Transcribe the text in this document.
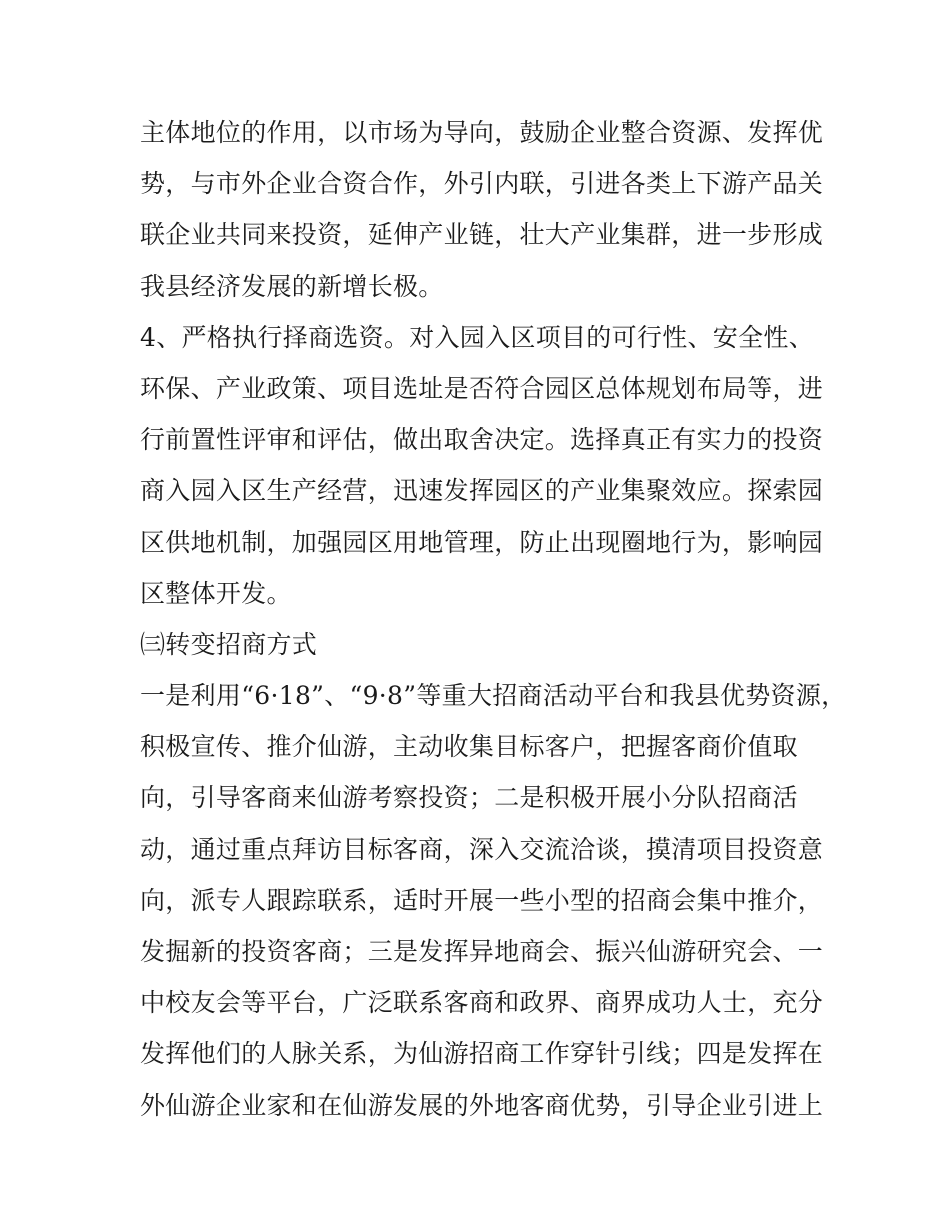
主体地位的作用，以市场为导向，鼓励企业整合资源、发挥优
势，与市外企业合资合作，外引内联，引进各类上下游产品关
联企业共同来投资，延伸产业链，壮大产业集群，进一步形成
我县经济发展的新增长极。
4、严格执行择商选资。对入园入区项目的可行性、安全性、
环保、产业政策、项目选址是否符合园区总体规划布局等，进
行前置性评审和评估，做出取舍决定。选择真正有实力的投资
商入园入区生产经营，迅速发挥园区的产业集聚效应。探索园
区供地机制，加强园区用地管理，防止出现圈地行为，影响园
区整体开发。
㈢转变招商方式
一是利用“6·18”、“9·8”等重大招商活动平台和我县优势资源，
积极宣传、推介仙游，主动收集目标客户，把握客商价值取
向，引导客商来仙游考察投资；二是积极开展小分队招商活
动，通过重点拜访目标客商，深入交流洽谈，摸清项目投资意
向，派专人跟踪联系，适时开展一些小型的招商会集中推介，
发掘新的投资客商；三是发挥异地商会、振兴仙游研究会、一
中校友会等平台，广泛联系客商和政界、商界成功人士，充分
发挥他们的人脉关系，为仙游招商工作穿针引线；四是发挥在
外仙游企业家和在仙游发展的外地客商优势，引导企业引进上
